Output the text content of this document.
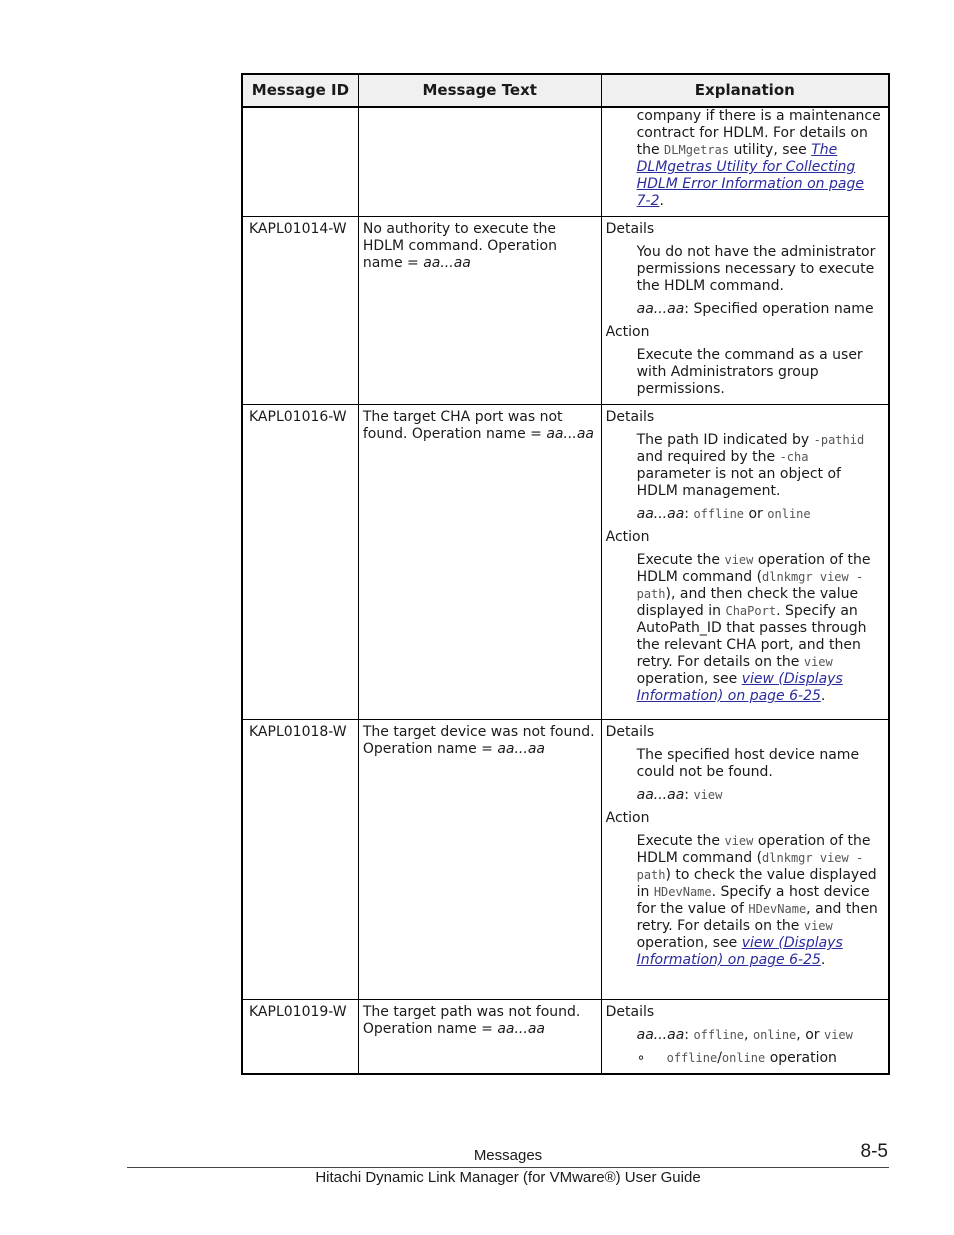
Message ID	Message Text	Explanation

		company if there is a maintenance contract for HDLM. For details on the DLMgetras utility, see The DLMgetras Utility for Collecting HDLM Error Information on page 7-2.

KAPL01014-W	No authority to execute the HDLM command. Operation name = aa...aa	Details

You do not have the administrator permissions necessary to execute the HDLM command.

aa...aa: Specified operation name

Action

Execute the command as a user with Administrators group permissions.

KAPL01016-W	The target CHA port was not found. Operation name = aa...aa	Details

The path ID indicated by -pathid and required by the -cha parameter is not an object of HDLM management.

aa...aa: offline or online

Action

Execute the view operation of the HDLM command (dlnkmgr view -path), and then check the value displayed in ChaPort. Specify an AutoPath_ID that passes through the relevant CHA port, and then retry. For details on the view operation, see view (Displays Information) on page 6-25.

KAPL01018-W	The target device was not found. Operation name = aa...aa	Details

The specified host device name could not be found.

aa...aa: view

Action

Execute the view operation of the HDLM command (dlnkmgr view -path) to check the value displayed in HDevName. Specify a host device for the value of HDevName, and then retry. For details on the view operation, see view (Displays Information) on page 6-25.

KAPL01019-W	The target path was not found. Operation name = aa...aa	Details

aa...aa: offline, online, or view

∘ offline/online operation
Messages	8-5
Hitachi Dynamic Link Manager (for VMware®) User Guide
